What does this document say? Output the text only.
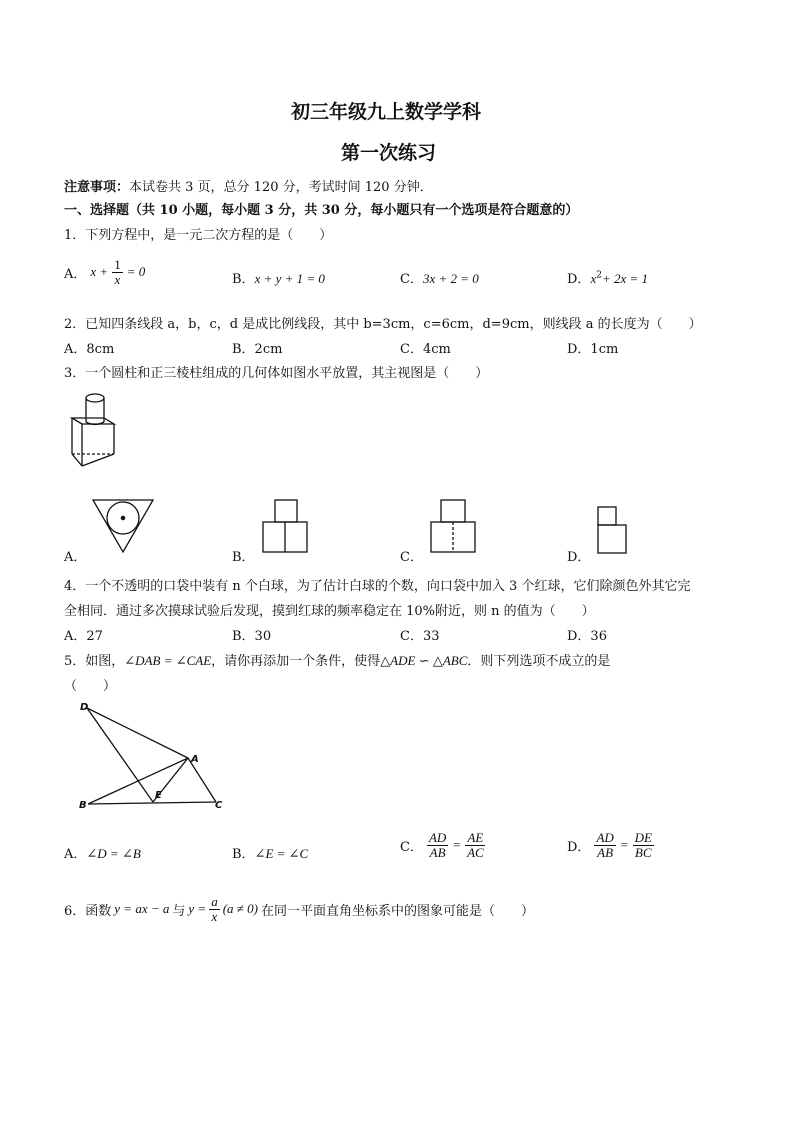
初三年级九上数学学科
第一次练习
注意事项：本试卷共 3 页，总分 120 分，考试时间 120 分钟．
一、选择题（共 10 小题，每小题 3 分，共 30 分，每小题只有一个选项是符合题意的）
1．下列方程中，是一元二次方程的是（　　）
A． $x + \frac{1}{x} = 0$
B．x + y + 1 = 0	C．3x + 2 = 0	D．$x^2+ 2x = 1$
2．已知四条线段 a，b，c，d 是成比例线段，其中 b=3cm，c=6cm，d=9cm，则线段 a 的长度为（　　）
A．8cm	B．2cm	C．4cm	D．1cm
3．一个圆柱和正三棱柱组成的几何体如图水平放置，其主视图是（　　）
A．	B．	C．	D．
4．一个不透明的口袋中装有 n 个白球，为了估计白球的个数，向口袋中加入 3 个红球，它们除颜色外其它完
全相同．通过多次摸球试验后发现，摸到红球的频率稳定在 10%附近，则 n 的值为（　　）
A．27	B．30	C．33	D．36
5．如图，∠DAB = ∠CAE，请你再添加一个条件，使得△ADE ∽ △ABC．则下列选项不成立的是
（　　）
D
A
B
E
C
A．∠D = ∠B	B．∠E = ∠C	C． $\frac{AD}{AB} = \frac{AE}{AC}$	D． $\frac{AD}{AB} = \frac{DE}{BC}$
6．函数 y = ax − a 与 $y = \frac{a}{x} (a \ne 0)$ 在同一平面直角坐标系中的图象可能是（　　）
